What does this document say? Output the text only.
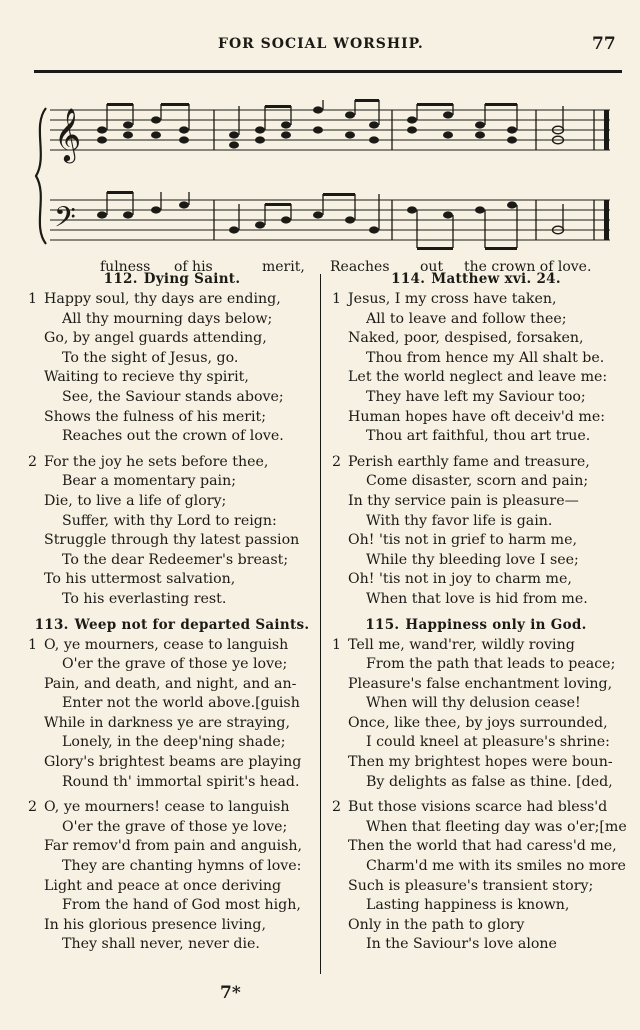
FOR SOCIAL WORSHIP.	77
𝄞
𝄢
fulness of his	merit, Reaches out the crown of love.
112. Dying Saint.
1 Happy soul, thy days are ending,
All thy mourning days below;
Go, by angel guards attending,
To the sight of Jesus, go.
Waiting to recieve thy spirit,
See, the Saviour stands above;
Shows the fulness of his merit;
Reaches out the crown of love.
2 For the joy he sets before thee,
Bear a momentary pain;
Die, to live a life of glory;
Suffer, with thy Lord to reign:
Struggle through thy latest passion
To the dear Redeemer's breast;
To his uttermost salvation,
To his everlasting rest.
113. Weep not for departed Saints.
1 O, ye mourners, cease to languish
O'er the grave of those ye love;
Pain, and death, and night, and an-
Enter not the world above.[guish
While in darkness ye are straying,
Lonely, in the deep'ning shade;
Glory's brightest beams are playing
Round th' immortal spirit's head.
2 O, ye mourners! cease to languish
O'er the grave of those ye love;
Far remov'd from pain and anguish,
They are chanting hymns of love:
Light and peace at once deriving
From the hand of God most high,
In his glorious presence living,
They shall never, never die.
114. Matthew xvi. 24.
1 Jesus, I my cross have taken,
All to leave and follow thee;
Naked, poor, despised, forsaken,
Thou from hence my All shalt be.
Let the world neglect and leave me:
They have left my Saviour too;
Human hopes have oft deceiv'd me:
Thou art faithful, thou art true.
2 Perish earthly fame and treasure,
Come disaster, scorn and pain;
In thy service pain is pleasure—
With thy favor life is gain.
Oh! 'tis not in grief to harm me,
While thy bleeding love I see;
Oh! 'tis not in joy to charm me,
When that love is hid from me.
115. Happiness only in God.
1 Tell me, wand'rer, wildly roving
From the path that leads to peace;
Pleasure's false enchantment loving,
When will thy delusion cease!
Once, like thee, by joys surrounded,
I could kneel at pleasure's shrine:
Then my brightest hopes were boun-
By delights as false as thine. [ded,
2 But those visions scarce had bless'd
When that fleeting day was o'er;[me
Then the world that had caress'd me,
Charm'd me with its smiles no more
Such is pleasure's transient story;
Lasting happiness is known,
Only in the path to glory
In the Saviour's love alone
7*
